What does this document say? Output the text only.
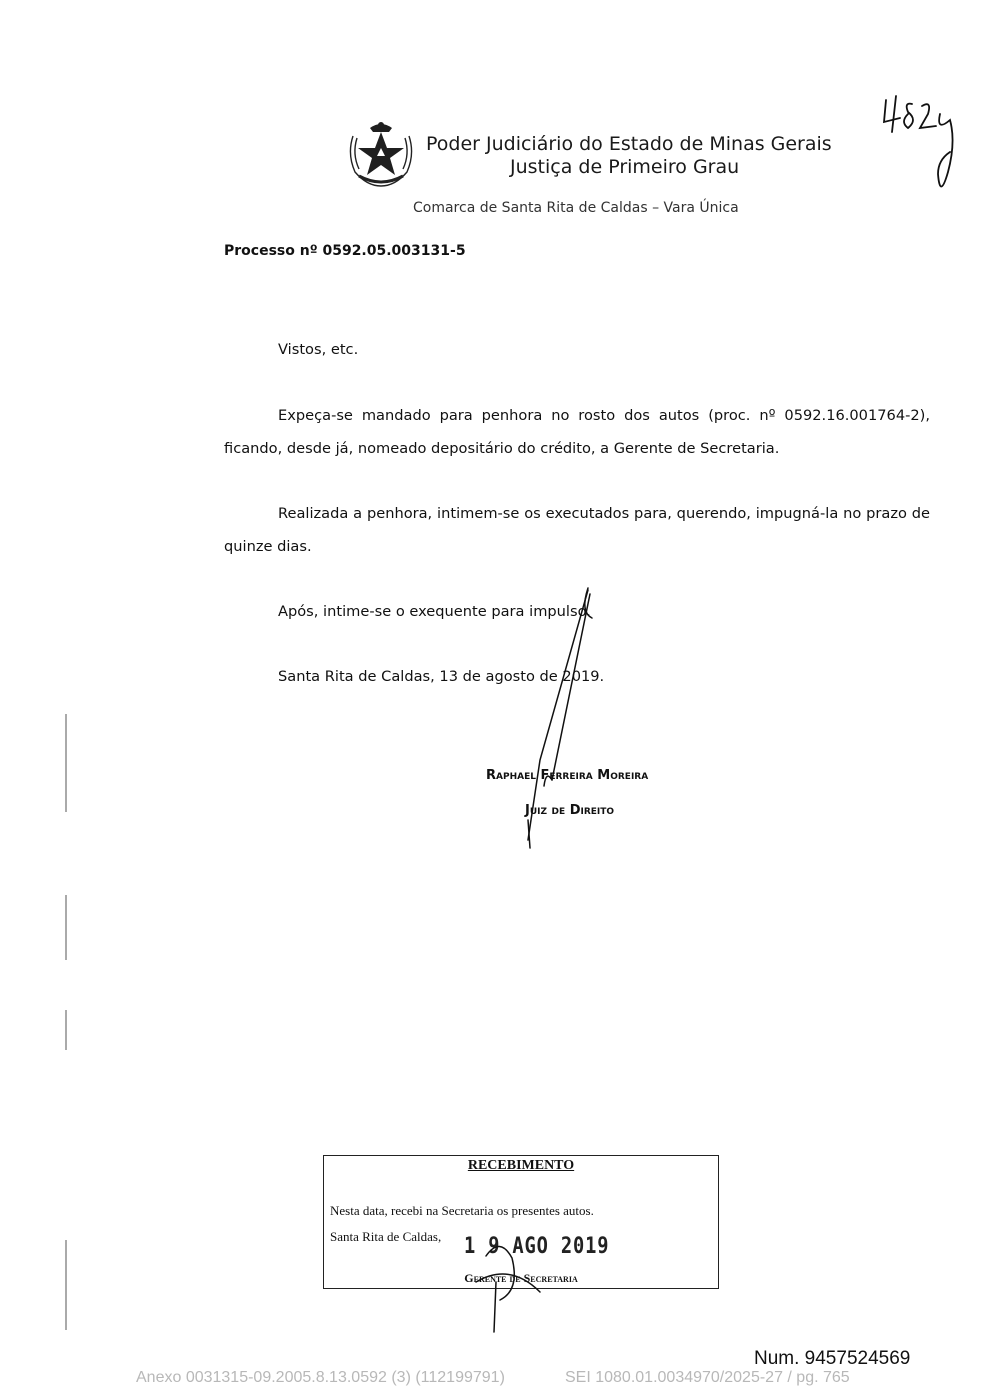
Poder Judiciário do Estado de Minas Gerais
Justiça de Primeiro Grau
Comarca de Santa Rita de Caldas – Vara Única
Processo nº 0592.05.003131-5
Vistos, etc.
Expeça-se mandado para penhora no rosto dos autos (proc. nº 0592.16.001764-2),
ficando, desde já, nomeado depositário do crédito, a Gerente de Secretaria.
Realizada a penhora, intimem-se os executados para, querendo, impugná-la no prazo de
quinze dias.
Após, intime-se o exequente para impulso.
Santa Rita de Caldas, 13 de agosto de 2019.
Raphael Ferreira Moreira
Juiz de Direito
RECEBIMENTO
Nesta data, recebi na Secretaria os presentes autos.
Santa Rita de Caldas, 1 9 AGO 2019
Gerente de Secretaria
Num. 9457524569
Anexo 0031315-09.2005.8.13.0592 (3) (112199791)	SEI 1080.01.0034970/2025-27 / pg. 765
